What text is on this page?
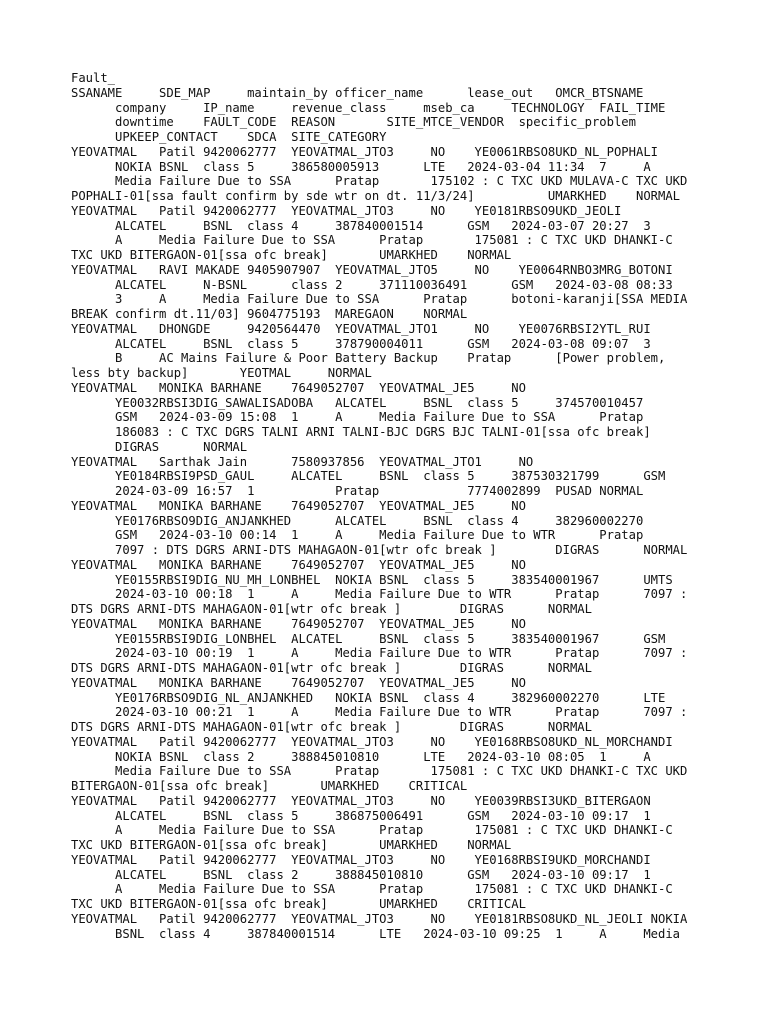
Fault_
SSANAME     SDE_MAP     maintain_by officer_name      lease_out   OMCR_BTSNAME
company     IP_name     revenue_class     mseb_ca     TECHNOLOGY  FAIL_TIME
downtime    FAULT_CODE  REASON       SITE_MTCE_VENDOR  specific_problem
UPKEEP_CONTACT    SDCA  SITE_CATEGORY
YEOVATMAL   Patil 9420062777  YEOVATMAL_JTO3     NO    YE0061RBSO8UKD_NL_POPHALI
NOKIA BSNL  class 5     386580005913      LTE   2024-03-04 11:34  7     A
Media Failure Due to SSA      Pratap       175102 : C TXC UKD MULAVA-C TXC UKD
POPHALI-01[ssa fault confirm by sde wtr on dt. 11/3/24]          UMARKHED    NORMAL
YEOVATMAL   Patil 9420062777  YEOVATMAL_JTO3     NO    YE0181RBSO9UKD_JEOLI
ALCATEL     BSNL  class 4     387840001514      GSM   2024-03-07 20:27  3
A     Media Failure Due to SSA      Pratap       175081 : C TXC UKD DHANKI-C
TXC UKD BITERGAON-01[ssa ofc break]       UMARKHED    NORMAL
YEOVATMAL   RAVI MAKADE 9405907907  YEOVATMAL_JTO5     NO    YE0064RNBO3MRG_BOTONI
ALCATEL     N-BSNL      class 2     371110036491      GSM   2024-03-08 08:33
3     A     Media Failure Due to SSA      Pratap      botoni-karanji[SSA MEDIA
BREAK confirm dt.11/03] 9604775193  MAREGAON    NORMAL
YEOVATMAL   DHONGDE     9420564470  YEOVATMAL_JTO1     NO    YE0076RBSI2YTL_RUI
ALCATEL     BSNL  class 5     378790004011      GSM   2024-03-08 09:07  3
B     AC Mains Failure & Poor Battery Backup    Pratap      [Power problem,
less bty backup]       YEOTMAL     NORMAL
YEOVATMAL   MONIKA BARHANE    7649052707  YEOVATMAL_JE5     NO
YE0032RBSI3DIG_SAWALISADOBA   ALCATEL     BSNL  class 5     374570010457
GSM   2024-03-09 15:08  1     A     Media Failure Due to SSA      Pratap
186083 : C TXC DGRS TALNI ARNI TALNI-BJC DGRS BJC TALNI-01[ssa ofc break]
DIGRAS      NORMAL
YEOVATMAL   Sarthak Jain      7580937856  YEOVATMAL_JTO1     NO
YE0184RBSI9PSD_GAUL     ALCATEL     BSNL  class 5     387530321799      GSM
2024-03-09 16:57  1           Pratap            7774002899  PUSAD NORMAL
YEOVATMAL   MONIKA BARHANE    7649052707  YEOVATMAL_JE5     NO
YE0176RBSO9DIG_ANJANKHED      ALCATEL     BSNL  class 4     382960002270
GSM   2024-03-10 00:14  1     A     Media Failure Due to WTR      Pratap
7097 : DTS DGRS ARNI-DTS MAHAGAON-01[wtr ofc break ]        DIGRAS      NORMAL
YEOVATMAL   MONIKA BARHANE    7649052707  YEOVATMAL_JE5     NO
YE0155RBSI9DIG_NU_MH_LONBHEL  NOKIA BSNL  class 5     383540001967      UMTS
2024-03-10 00:18  1     A     Media Failure Due to WTR      Pratap      7097 :
DTS DGRS ARNI-DTS MAHAGAON-01[wtr ofc break ]        DIGRAS      NORMAL
YEOVATMAL   MONIKA BARHANE    7649052707  YEOVATMAL_JE5     NO
YE0155RBSI9DIG_LONBHEL  ALCATEL     BSNL  class 5     383540001967      GSM
2024-03-10 00:19  1     A     Media Failure Due to WTR      Pratap      7097 :
DTS DGRS ARNI-DTS MAHAGAON-01[wtr ofc break ]        DIGRAS      NORMAL
YEOVATMAL   MONIKA BARHANE    7649052707  YEOVATMAL_JE5     NO
YE0176RBSO9DIG_NL_ANJANKHED   NOKIA BSNL  class 4     382960002270      LTE
2024-03-10 00:21  1     A     Media Failure Due to WTR      Pratap      7097 :
DTS DGRS ARNI-DTS MAHAGAON-01[wtr ofc break ]        DIGRAS      NORMAL
YEOVATMAL   Patil 9420062777  YEOVATMAL_JTO3     NO    YE0168RBSO8UKD_NL_MORCHANDI
NOKIA BSNL  class 2     388845010810      LTE   2024-03-10 08:05  1     A
Media Failure Due to SSA      Pratap       175081 : C TXC UKD DHANKI-C TXC UKD
BITERGAON-01[ssa ofc break]       UMARKHED    CRITICAL
YEOVATMAL   Patil 9420062777  YEOVATMAL_JTO3     NO    YE0039RBSI3UKD_BITERGAON
ALCATEL     BSNL  class 5     386875006491      GSM   2024-03-10 09:17  1
A     Media Failure Due to SSA      Pratap       175081 : C TXC UKD DHANKI-C
TXC UKD BITERGAON-01[ssa ofc break]       UMARKHED    NORMAL
YEOVATMAL   Patil 9420062777  YEOVATMAL_JTO3     NO    YE0168RBSI9UKD_MORCHANDI
ALCATEL     BSNL  class 2     388845010810      GSM   2024-03-10 09:17  1
A     Media Failure Due to SSA      Pratap       175081 : C TXC UKD DHANKI-C
TXC UKD BITERGAON-01[ssa ofc break]       UMARKHED    CRITICAL
YEOVATMAL   Patil 9420062777  YEOVATMAL_JTO3     NO    YE0181RBSO8UKD_NL_JEOLI NOKIA
BSNL  class 4     387840001514      LTE   2024-03-10 09:25  1     A     Media
